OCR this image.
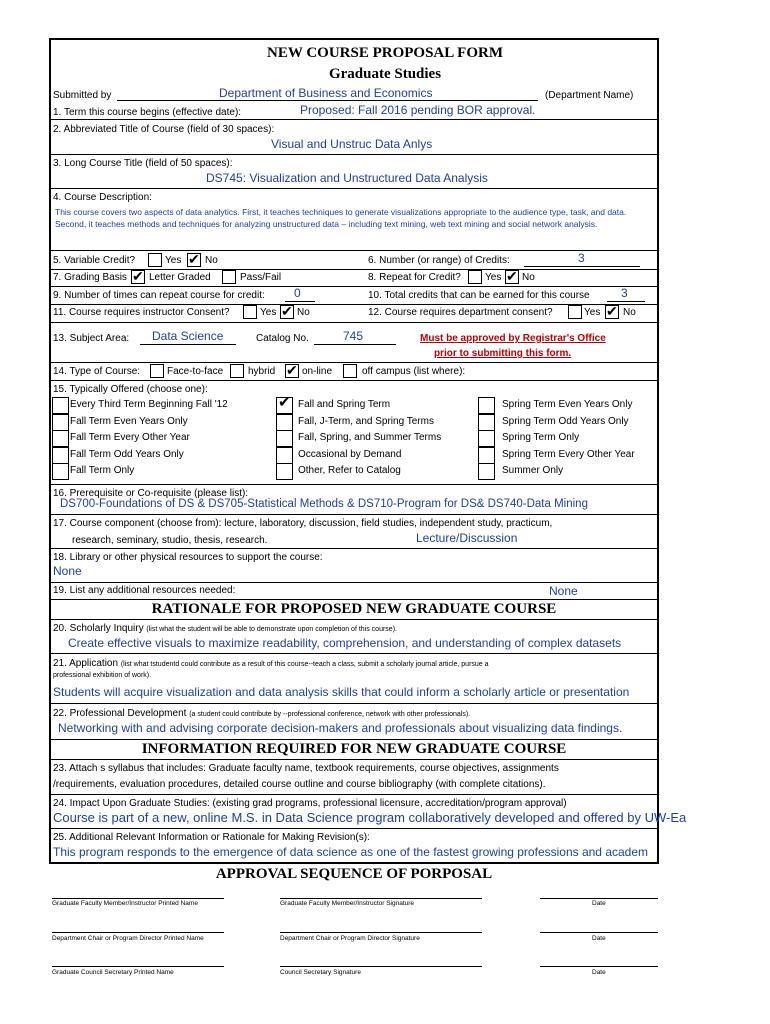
NEW COURSE PROPOSAL FORM
Graduate Studies
Submitted by	Department of Business and Economics	(Department Name)
1. Term this course begins (effective date):	Proposed: Fall 2016 pending BOR approval.
2. Abbreviated Title of Course (field of 30 spaces):
Visual and Unstruc Data Anlys
3. Long Course Title (field of 50 spaces):
DS745: Visualization and Unstructured Data Analysis
4. Course Description:
This course covers two aspects of data analytics. First, it teaches techniques to generate visualizations appropriate to the audience type, task, and data. Second, it teaches methods and techniques for analyzing unstructured data – including text mining, web text mining and social network analysis.
5. Variable Credit?	Yes ✔ No	6. Number (or range) of Credits:	3
7. Grading Basis ✔ Letter Graded	Pass/Fail	8. Repeat for Credit? Yes ✔ No
9. Number of times can repeat course for credit: 0	10. Total credits that can be earned for this course	3
11. Course requires instructor Consent?	Yes ✔ No	12. Course requires department consent?	Yes ✔ No
13. Subject Area: Data Science	Catalog No.	745	Must be approved by Registrar's Office
prior to submitting this form.
14. Type of Course:	Face-to-face hybrid ✔ on-line	off campus (list where):
15. Typically Offered (choose one):
Every Third Term Beginning Fall '12
Fall Term Even Years Only
Fall Term Every Other Year
Fall Term Odd Years Only
Fall Term Only
✔ Fall and Spring Term
Fall, J-Term, and Spring Terms
Fall, Spring, and Summer Terms
Occasional by Demand
Other, Refer to Catalog
Spring Term Even Years Only
Spring Term Odd Years Only
Spring Term Only
Spring Term Every Other Year
Summer Only
16. Prerequisite or Co-requisite (please list):
DS700-Foundations of DS & DS705-Statistical Methods & DS710-Program for DS& DS740-Data Mining
17. Course component (choose from): lecture, laboratory, discussion, field studies, independent study, practicum,
research, seminary, studio, thesis, research.	Lecture/Discussion
18. Library or other physical resources to support the course:
None
19. List any additional resources needed:	None
RATIONALE FOR PROPOSED NEW GRADUATE COURSE
20. Scholarly Inquiry (list what the student will be able to demonstrate upon completion of this course).
Create effective visuals to maximize readability, comprehension, and understanding of complex datasets
21. Application (list what tstudentd could contribute as a result of this course--teach a class, submit a scholarly journal article, pursue a
professional exhibition of work).
Students will acquire visualization and data analysis skills that could inform a scholarly article or presentation
22. Professional Development (a student could contribute by --professional conference, network with other professionals).
Networking with and advising corporate decision-makers and professionals about visualizing data findings.
INFORMATION REQUIRED FOR NEW GRADUATE COURSE
23. Attach s syllabus that includes: Graduate faculty name, textbook requirements, course objectives, assignments
/requirements, evaluation procedures, detailed course outline and course bibliography (with complete citations).
24. Impact Upon Graduate Studies: (existing grad programs, professional licensure, accreditation/program approval)
Course is part of a new, online M.S. in Data Science program collaboratively developed and offered by UW-Ea
25. Additional Relevant Information or Rationale for Making Revision(s):
This program responds to the emergence of data science as one of the fastest growing professions and academ
APPROVAL SEQUENCE OF PORPOSAL
Graduate Faculty Member/Instructor Printed Name	Graduate Faculty Member/Instructor Signature	Date
Department Chair or Program Director Printed Name	Department Chair or Program Director Signature	Date
Graduate Council Secretary Printed Name	Council Secretary Signature	Date
